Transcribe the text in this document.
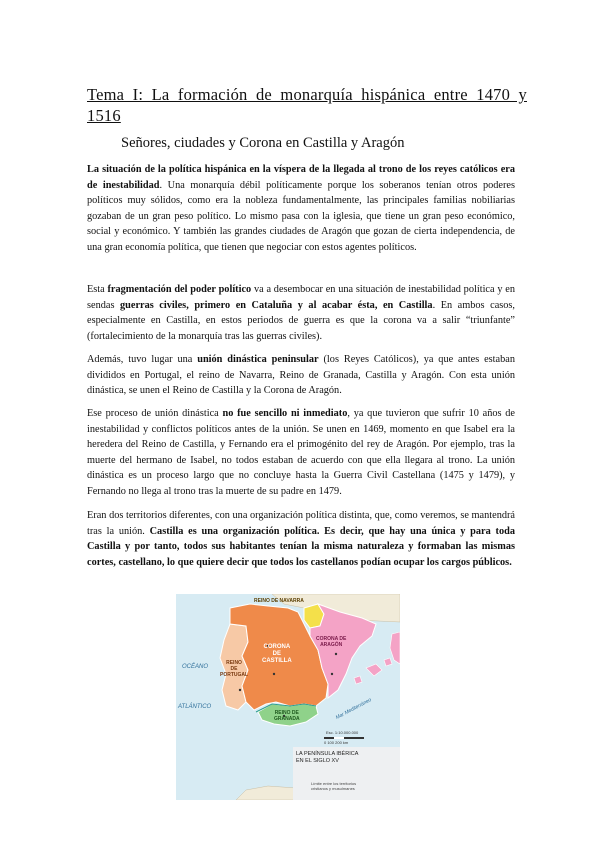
Tema I: La formación de monarquía hispánica entre 1470 y 1516
Señores, ciudades y Corona en Castilla y Aragón

La situación de la política hispánica en la víspera de la llegada al trono de los reyes católicos era de inestabilidad. Una monarquía débil políticamente porque los soberanos tenían otros poderes políticos muy sólidos, como era la nobleza fundamentalmente, las principales familias nobiliarias gozaban de un gran peso político. Lo mismo pasa con la iglesia, que tiene un gran peso económico, social y económico. Y también las grandes ciudades de Aragón que gozan de cierta independencia, de una gran economía política, que tienen que negociar con estos agentes políticos.

Esta fragmentación del poder político va a desembocar en una situación de inestabilidad política y en sendas guerras civiles, primero en Cataluña y al acabar ésta, en Castilla. En ambos casos, especialmente en Castilla, en estos periodos de guerra es que la corona va a salir “triunfante” (fortalecimiento de la monarquía tras las guerras civiles).

Además, tuvo lugar una unión dinástica peninsular (los Reyes Católicos), ya que antes estaban divididos en Portugal, el reino de Navarra, Reino de Granada, Castilla y Aragón. Con esta unión dinástica, se unen el Reino de Castilla y la Corona de Aragón.

Ese proceso de unión dinástica no fue sencillo ni inmediato, ya que tuvieron que sufrir 10 años de inestabilidad y conflictos políticos antes de la unión. Se unen en 1469, momento en que Isabel era la heredera del Reino de Castilla, y Fernando era el primogénito del rey de Aragón. Por ejemplo, tras la muerte del hermano de Isabel, no todos estaban de acuerdo con que ella llegara al trono. La unión dinástica es un proceso largo que no concluye hasta la Guerra Civil Castellana (1475 y 1479), y Fernando no llega al trono tras la muerte de su padre en 1479.

Eran dos territorios diferentes, con una organización política distinta, que, como veremos, se mantendrá tras la unión. Castilla es una organización política. Es decir, que hay una única y para toda Castilla y por tanto, todos sus habitantes tenían la misma naturaleza y formaban las mismas cortes, castellano, lo que quiere decir que todos los castellanos podían ocupar los cargos públicos.

REINO DE NAVARRA
CORONA
DE
CASTILLA
CORONA DE
ARAGÓN
REINO
DE
PORTUGAL
REINO DE
GRANADA
OCÉANO
ATLÁNTICO	Mar Mediterráneo
Esc. 1:10.000.000
0 100 200 km
LA PENÍNSULA IBÉRICA
EN EL SIGLO XV
Límite entre los territorios
cristianos y musulmanes
